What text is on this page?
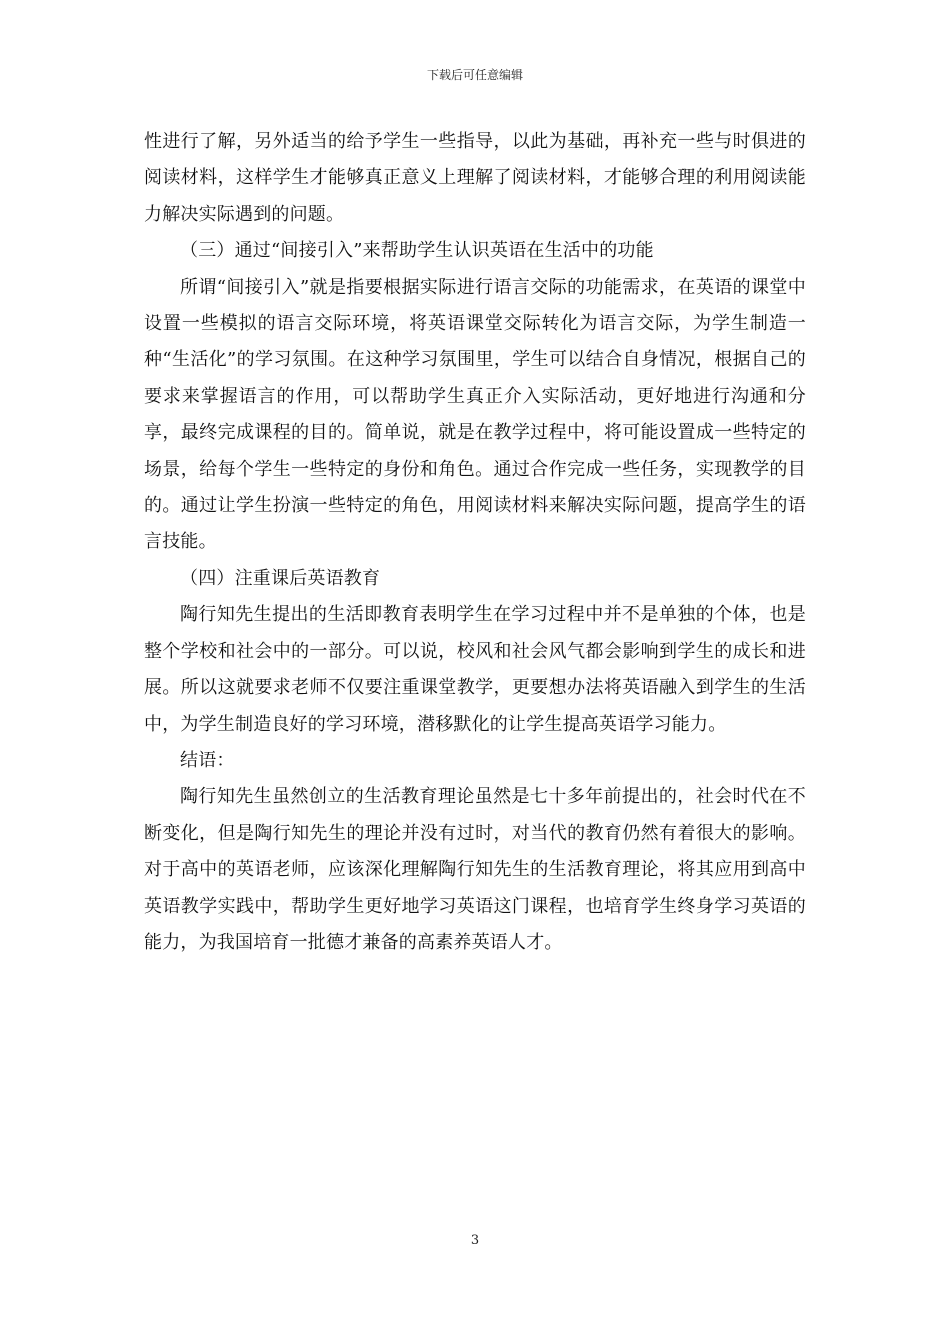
下载后可任意编辑

性进行了解，另外适当的给予学生一些指导，以此为基础，再补充一些与时俱进的阅读材料，这样学生才能够真正意义上理解了阅读材料，才能够合理的利用阅读能力解决实际遇到的问题。

（三）通过“间接引入”来帮助学生认识英语在生活中的功能

所谓“间接引入”就是指要根据实际进行语言交际的功能需求，在英语的课堂中设置一些模拟的语言交际环境，将英语课堂交际转化为语言交际，为学生制造一种“生活化”的学习氛围。在这种学习氛围里，学生可以结合自身情况，根据自己的要求来掌握语言的作用，可以帮助学生真正介入实际活动，更好地进行沟通和分享，最终完成课程的目的。简单说，就是在教学过程中，将可能设置成一些特定的场景，给每个学生一些特定的身份和角色。通过合作完成一些任务，实现教学的目的。通过让学生扮演一些特定的角色，用阅读材料来解决实际问题，提高学生的语言技能。

（四）注重课后英语教育

陶行知先生提出的生活即教育表明学生在学习过程中并不是单独的个体，也是整个学校和社会中的一部分。可以说，校风和社会风气都会影响到学生的成长和进展。所以这就要求老师不仅要注重课堂教学，更要想办法将英语融入到学生的生活中，为学生制造良好的学习环境，潜移默化的让学生提高英语学习能力。

结语：

陶行知先生虽然创立的生活教育理论虽然是七十多年前提出的，社会时代在不断变化，但是陶行知先生的理论并没有过时，对当代的教育仍然有着很大的影响。对于高中的英语老师，应该深化理解陶行知先生的生活教育理论，将其应用到高中英语教学实践中，帮助学生更好地学习英语这门课程，也培育学生终身学习英语的能力，为我国培育一批德才兼备的高素养英语人才。

3
